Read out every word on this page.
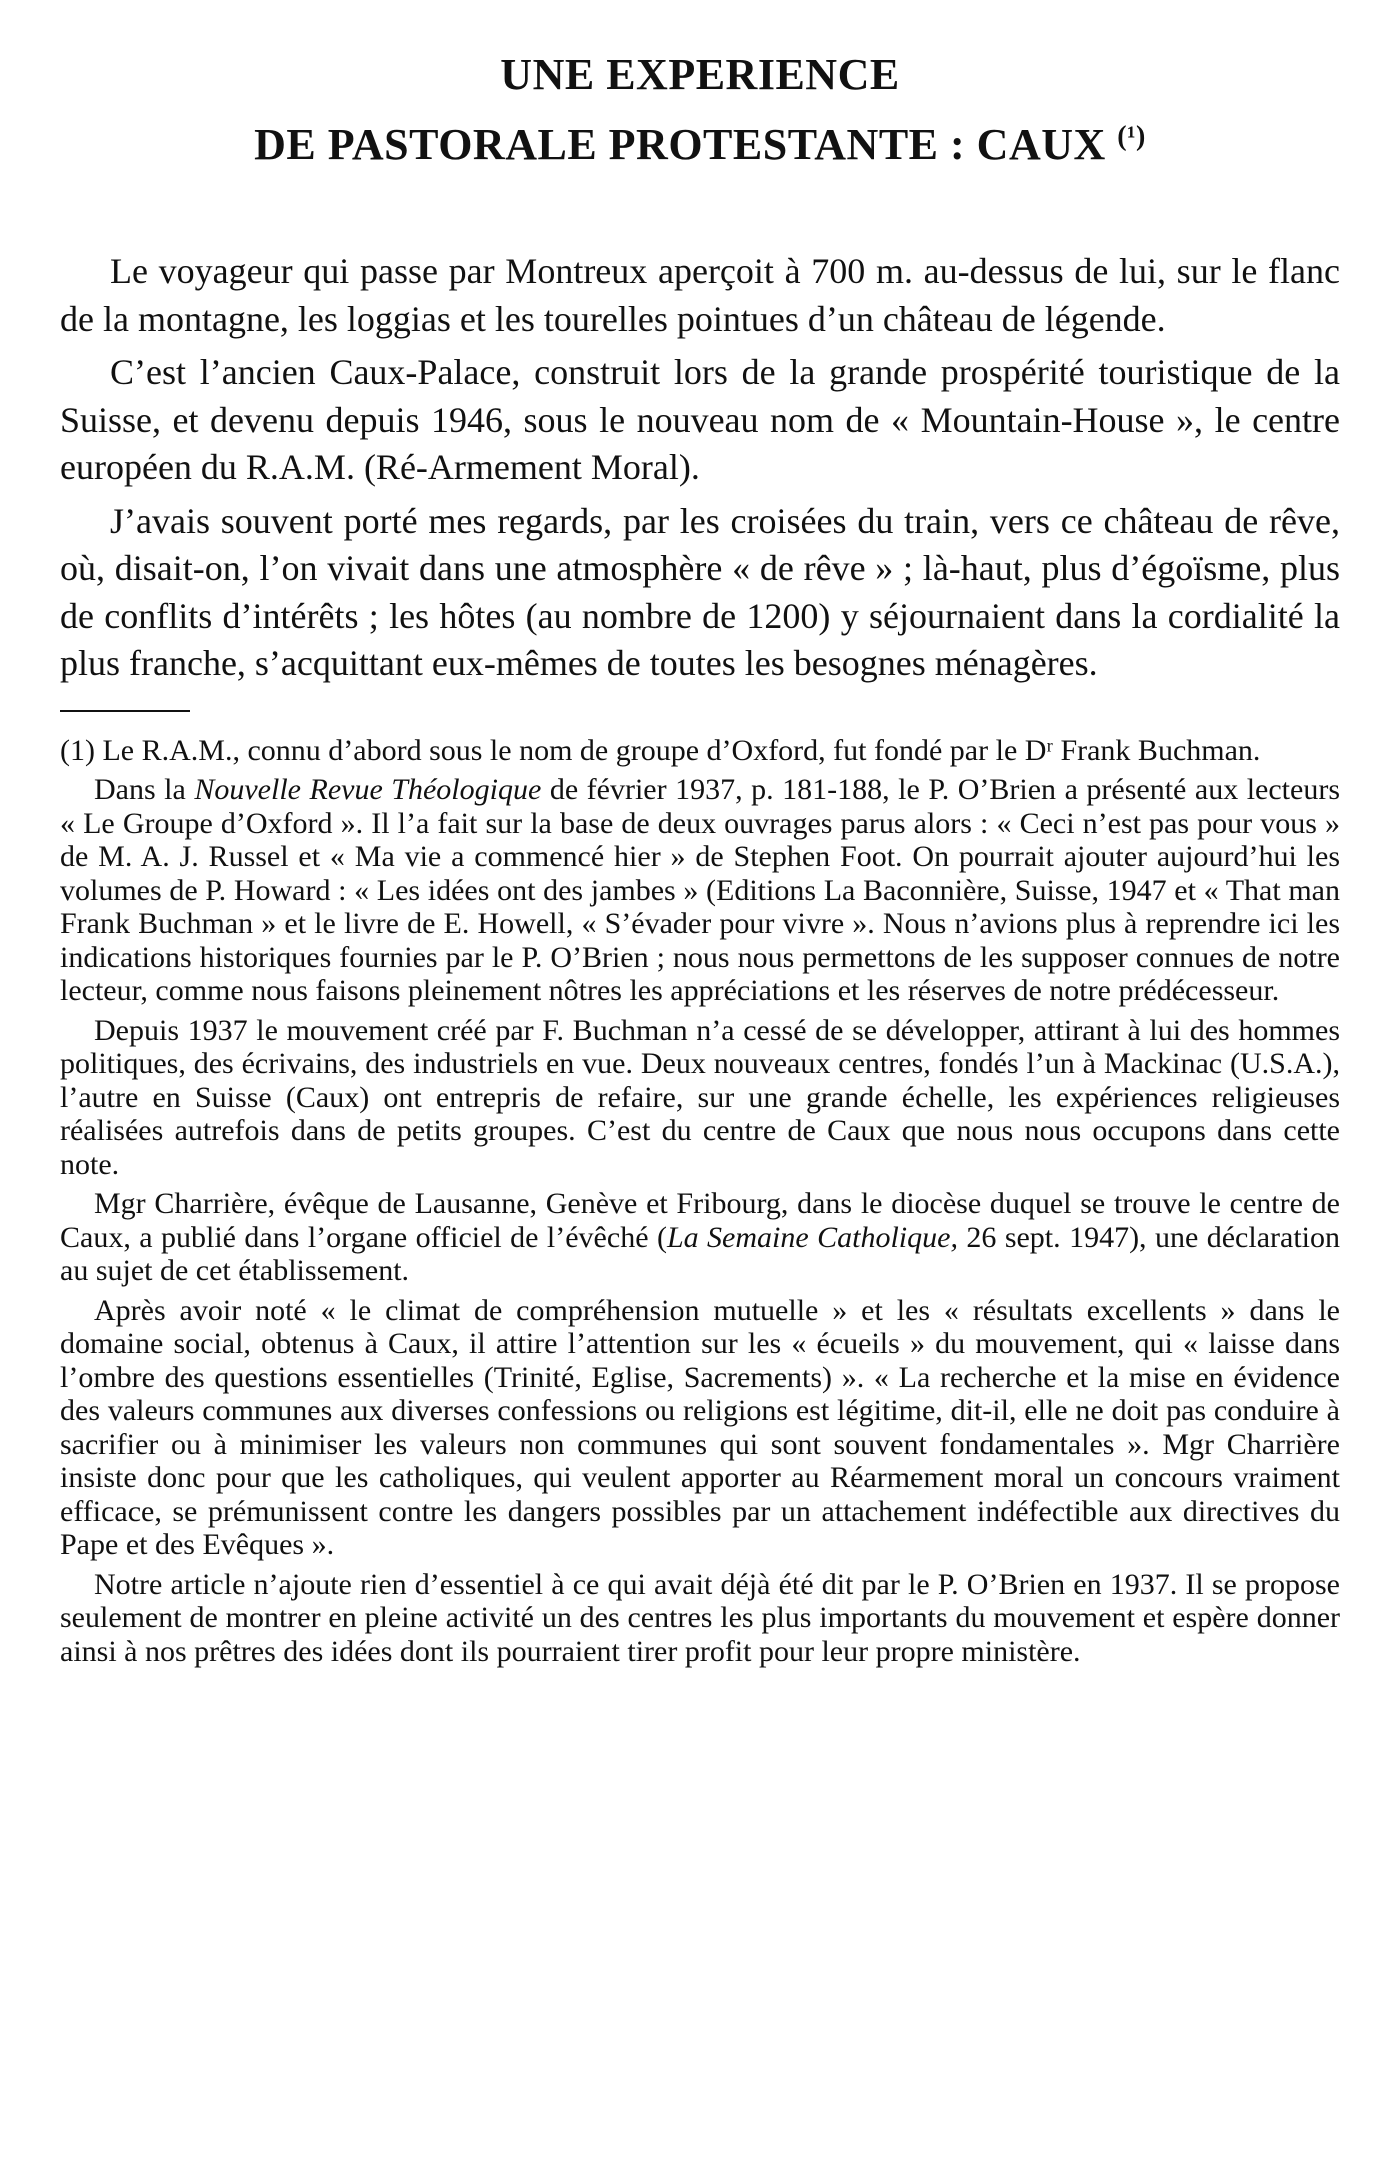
UNE EXPERIENCE
DE PASTORALE PROTESTANTE : CAUX $^{(^1)}$

Le voyageur qui passe par Montreux aperçoit à 700 m. au-dessus de lui, sur le flanc de la montagne, les loggias et les tourelles pointues d’un château de légende.

C’est l’ancien Caux-Palace, construit lors de la grande prospérité touristique de la Suisse, et devenu depuis 1946, sous le nouveau nom de « Mountain-House », le centre européen du R.A.M. (Ré-Armement Moral).

J’avais souvent porté mes regards, par les croisées du train, vers ce château de rêve, où, disait-on, l’on vivait dans une atmosphère « de rêve » ; là-haut, plus d’égoïsme, plus de conflits d’intérêts ; les hôtes (au nombre de 1200) y séjournaient dans la cordialité la plus franche, s’acquittant eux-mêmes de toutes les besognes ménagères.

(1) Le R.A.M., connu d’abord sous le nom de groupe d’Oxford, fut fondé par le Dʳ Frank Buchman.

Dans la Nouvelle Revue Théologique de février 1937, p. 181-188, le P. O’Brien a présenté aux lecteurs « Le Groupe d’Oxford ». Il l’a fait sur la base de deux ouvrages parus alors : « Ceci n’est pas pour vous » de M. A. J. Russel et « Ma vie a commencé hier » de Stephen Foot. On pourrait ajouter aujourd’hui les volumes de P. Howard : « Les idées ont des jambes » (Editions La Baconnière, Suisse, 1947 et « That man Frank Buchman » et le livre de E. Howell, « S’évader pour vivre ». Nous n’avions plus à reprendre ici les indications historiques fournies par le P. O’Brien ; nous nous permettons de les supposer connues de notre lecteur, comme nous faisons pleinement nôtres les appréciations et les réserves de notre prédécesseur.

Depuis 1937 le mouvement créé par F. Buchman n’a cessé de se développer, attirant à lui des hommes politiques, des écrivains, des industriels en vue. Deux nouveaux centres, fondés l’un à Mackinac (U.S.A.), l’autre en Suisse (Caux) ont entrepris de refaire, sur une grande échelle, les expériences religieuses réalisées autrefois dans de petits groupes. C’est du centre de Caux que nous nous occupons dans cette note.

Mgr Charrière, évêque de Lausanne, Genève et Fribourg, dans le diocèse duquel se trouve le centre de Caux, a publié dans l’organe officiel de l’évêché (La Semaine Catholique, 26 sept. 1947), une déclaration au sujet de cet établissement.

Après avoir noté « le climat de compréhension mutuelle » et les « résultats excellents » dans le domaine social, obtenus à Caux, il attire l’attention sur les « écueils » du mouvement, qui « laisse dans l’ombre des questions essentielles (Trinité, Eglise, Sacrements) ». « La recherche et la mise en évidence des valeurs communes aux diverses confessions ou religions est légitime, dit-il, elle ne doit pas conduire à sacrifier ou à minimiser les valeurs non communes qui sont souvent fondamentales ». Mgr Charrière insiste donc pour que les catholiques, qui veulent apporter au Réarmement moral un concours vraiment efficace, se prémunissent contre les dangers possibles par un attachement indéfectible aux directives du Pape et des Evêques ».

Notre article n’ajoute rien d’essentiel à ce qui avait déjà été dit par le P. O’Brien en 1937. Il se propose seulement de montrer en pleine activité un des centres les plus importants du mouvement et espère donner ainsi à nos prêtres des idées dont ils pourraient tirer profit pour leur propre ministère.
